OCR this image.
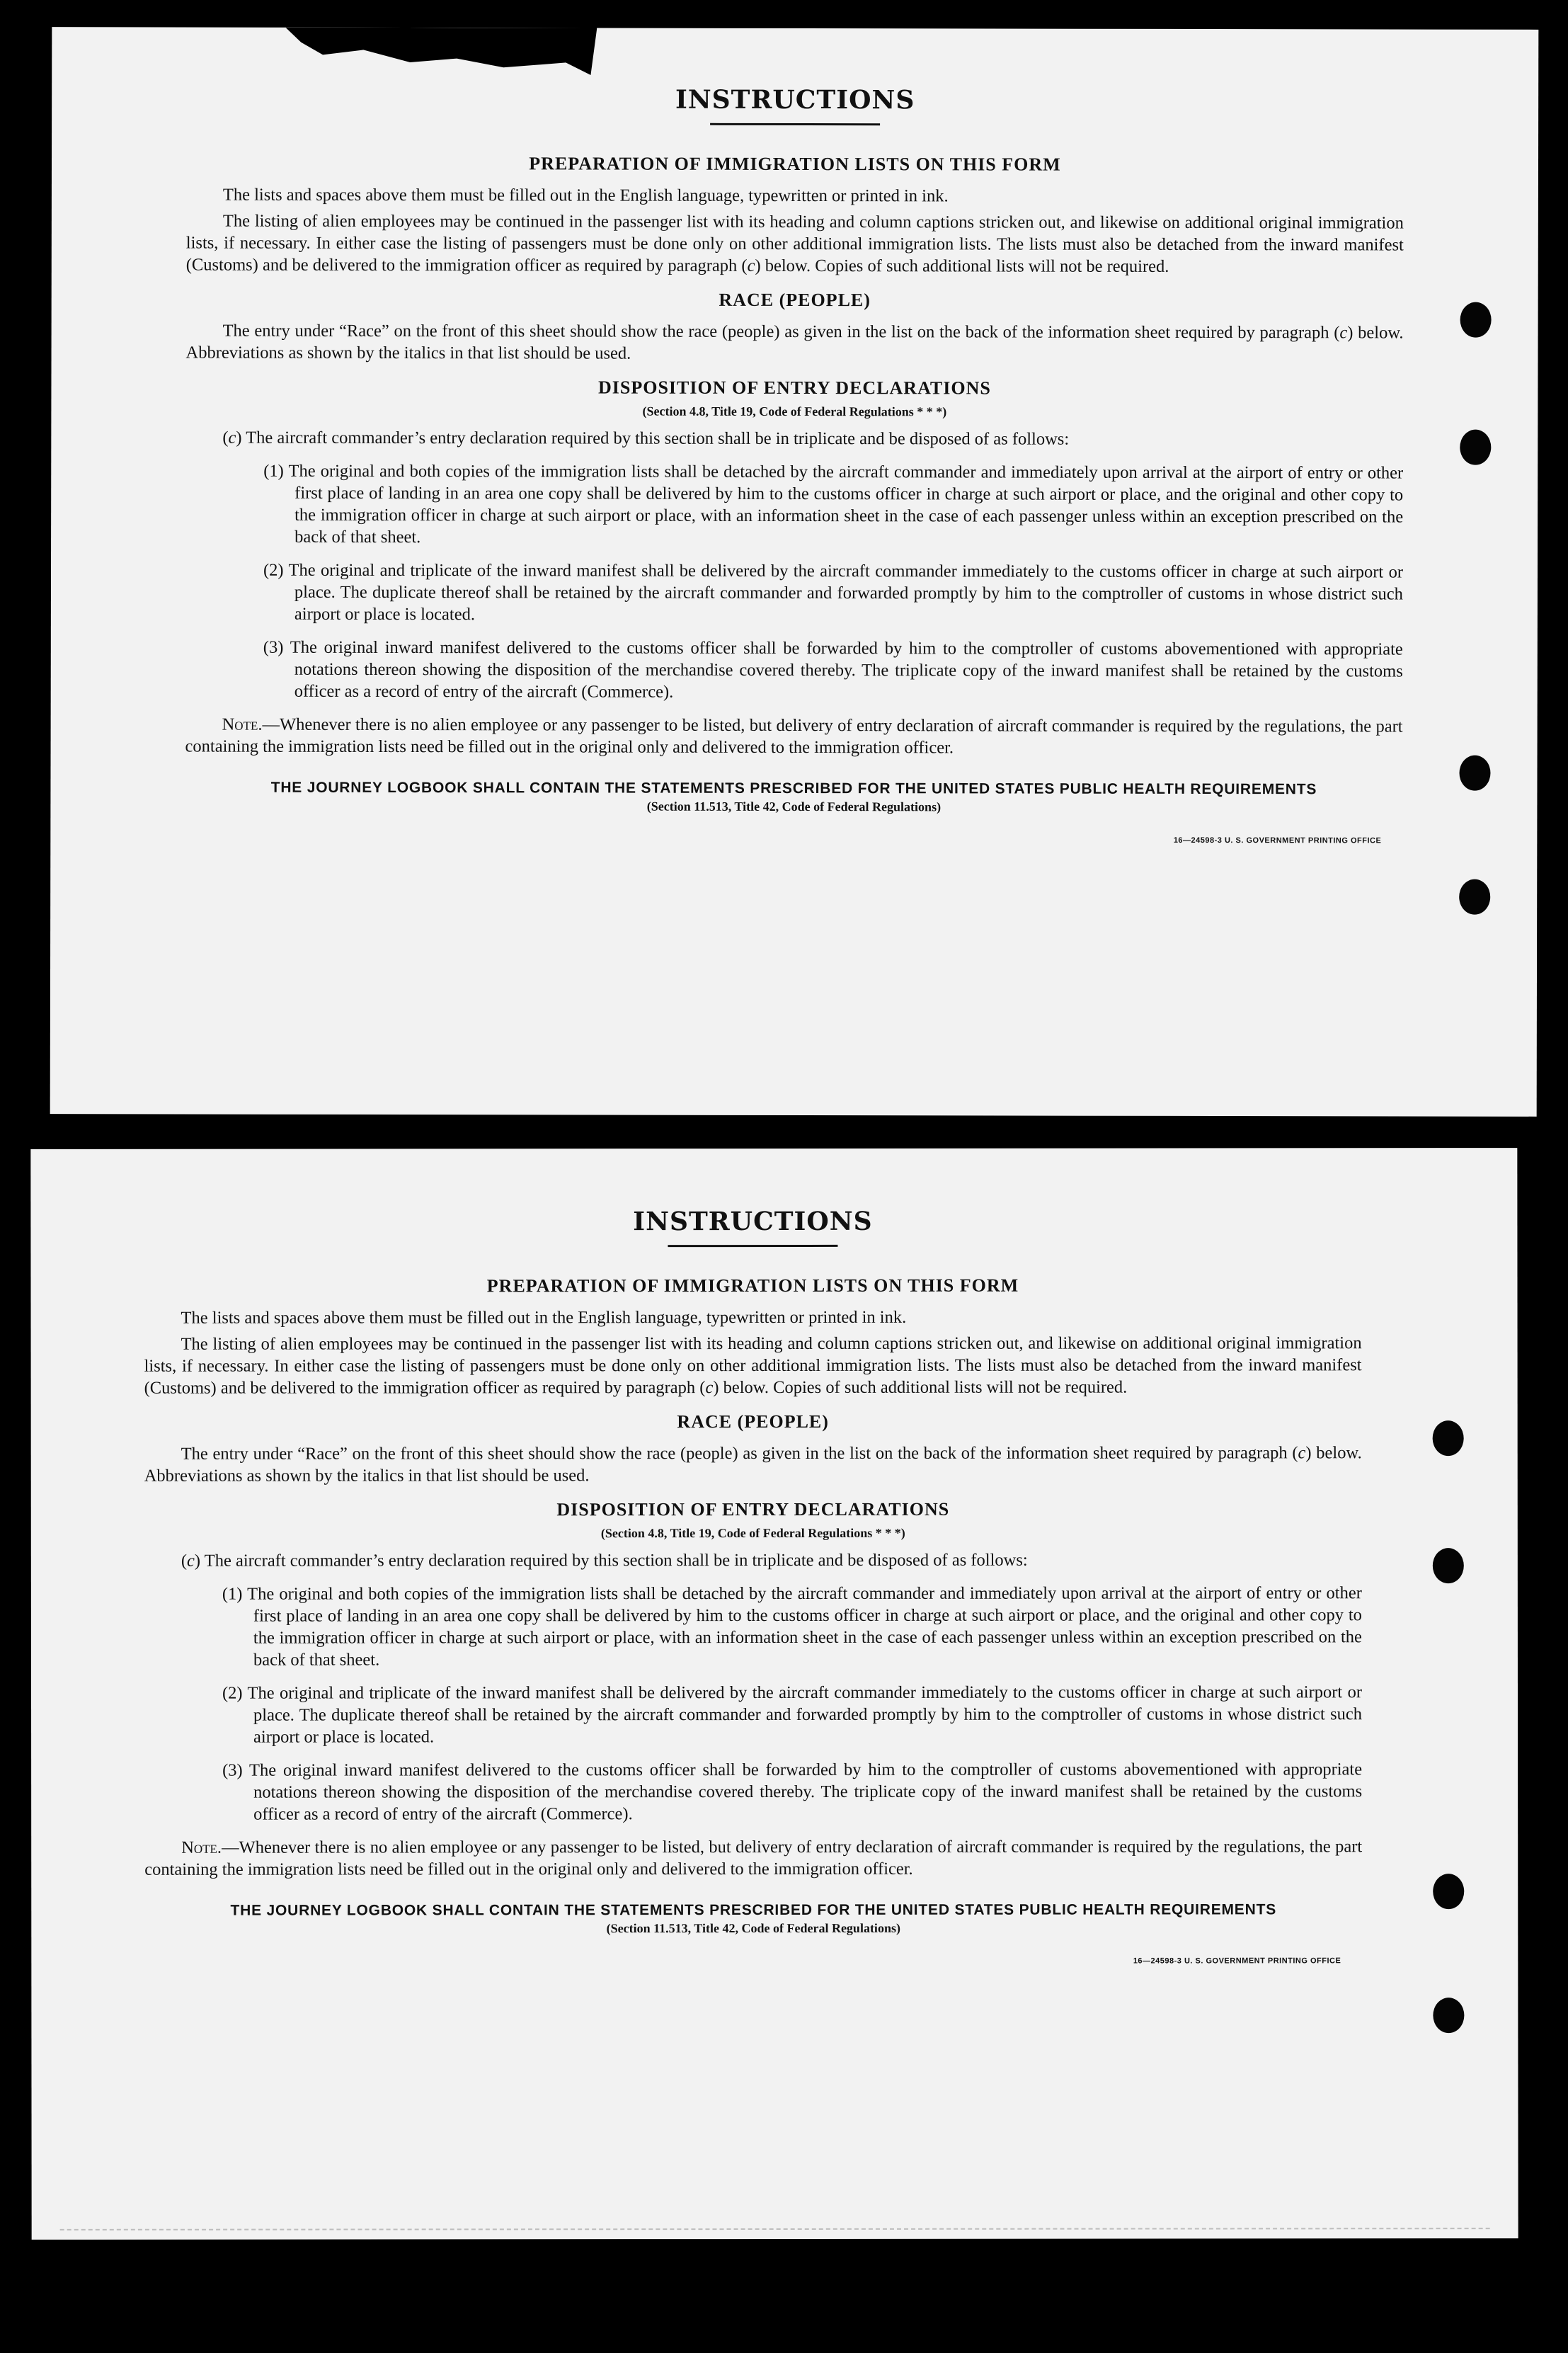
INSTRUCTIONS
PREPARATION OF IMMIGRATION LISTS ON THIS FORM

The lists and spaces above them must be filled out in the English language, typewritten or printed in ink.

The listing of alien employees may be continued in the passenger list with its heading and column captions stricken out, and likewise on additional original immigration lists, if necessary. In either case the listing of passengers must be done only on other additional immigration lists. The lists must also be detached from the inward manifest (Customs) and be delivered to the immigration officer as required by paragraph (c) below. Copies of such additional lists will not be required.

RACE (PEOPLE)

The entry under “Race” on the front of this sheet should show the race (people) as given in the list on the back of the information sheet required by paragraph (c) below. Abbreviations as shown by the italics in that list should be used.

DISPOSITION OF ENTRY DECLARATIONS
(Section 4.8, Title 19, Code of Federal Regulations * * *)

(c) The aircraft commander’s entry declaration required by this section shall be in triplicate and be disposed of as follows:

(1) The original and both copies of the immigration lists shall be detached by the aircraft commander and immediately upon arrival at the airport of entry or other first place of landing in an area one copy shall be delivered by him to the customs officer in charge at such airport or place, and the original and other copy to the immigration officer in charge at such airport or place, with an information sheet in the case of each passenger unless within an exception prescribed on the back of that sheet.

(2) The original and triplicate of the inward manifest shall be delivered by the aircraft commander immediately to the customs officer in charge at such airport or place. The duplicate thereof shall be retained by the aircraft commander and forwarded promptly by him to the comptroller of customs in whose district such airport or place is located.

(3) The original inward manifest delivered to the customs officer shall be forwarded by him to the comptroller of customs abovementioned with appropriate notations thereon showing the disposition of the merchandise covered thereby. The triplicate copy of the inward manifest shall be retained by the customs officer as a record of entry of the aircraft (Commerce).

Note.—Whenever there is no alien employee or any passenger to be listed, but delivery of entry declaration of aircraft commander is required by the regulations, the part containing the immigration lists need be filled out in the original only and delivered to the immigration officer.

THE JOURNEY LOGBOOK SHALL CONTAIN THE STATEMENTS PRESCRIBED FOR THE UNITED STATES PUBLIC HEALTH REQUIREMENTS
(Section 11.513, Title 42, Code of Federal Regulations)
16—24598-3 U. S. GOVERNMENT PRINTING OFFICE
INSTRUCTIONS
PREPARATION OF IMMIGRATION LISTS ON THIS FORM

The lists and spaces above them must be filled out in the English language, typewritten or printed in ink.

The listing of alien employees may be continued in the passenger list with its heading and column captions stricken out, and likewise on additional original immigration lists, if necessary. In either case the listing of passengers must be done only on other additional immigration lists. The lists must also be detached from the inward manifest (Customs) and be delivered to the immigration officer as required by paragraph (c) below. Copies of such additional lists will not be required.

RACE (PEOPLE)

The entry under “Race” on the front of this sheet should show the race (people) as given in the list on the back of the information sheet required by paragraph (c) below. Abbreviations as shown by the italics in that list should be used.

DISPOSITION OF ENTRY DECLARATIONS
(Section 4.8, Title 19, Code of Federal Regulations * * *)

(c) The aircraft commander’s entry declaration required by this section shall be in triplicate and be disposed of as follows:

(1) The original and both copies of the immigration lists shall be detached by the aircraft commander and immediately upon arrival at the airport of entry or other first place of landing in an area one copy shall be delivered by him to the customs officer in charge at such airport or place, and the original and other copy to the immigration officer in charge at such airport or place, with an information sheet in the case of each passenger unless within an exception prescribed on the back of that sheet.

(2) The original and triplicate of the inward manifest shall be delivered by the aircraft commander immediately to the customs officer in charge at such airport or place. The duplicate thereof shall be retained by the aircraft commander and forwarded promptly by him to the comptroller of customs in whose district such airport or place is located.

(3) The original inward manifest delivered to the customs officer shall be forwarded by him to the comptroller of customs abovementioned with appropriate notations thereon showing the disposition of the merchandise covered thereby. The triplicate copy of the inward manifest shall be retained by the customs officer as a record of entry of the aircraft (Commerce).

Note.—Whenever there is no alien employee or any passenger to be listed, but delivery of entry declaration of aircraft commander is required by the regulations, the part containing the immigration lists need be filled out in the original only and delivered to the immigration officer.

THE JOURNEY LOGBOOK SHALL CONTAIN THE STATEMENTS PRESCRIBED FOR THE UNITED STATES PUBLIC HEALTH REQUIREMENTS
(Section 11.513, Title 42, Code of Federal Regulations)
16—24598-3 U. S. GOVERNMENT PRINTING OFFICE
